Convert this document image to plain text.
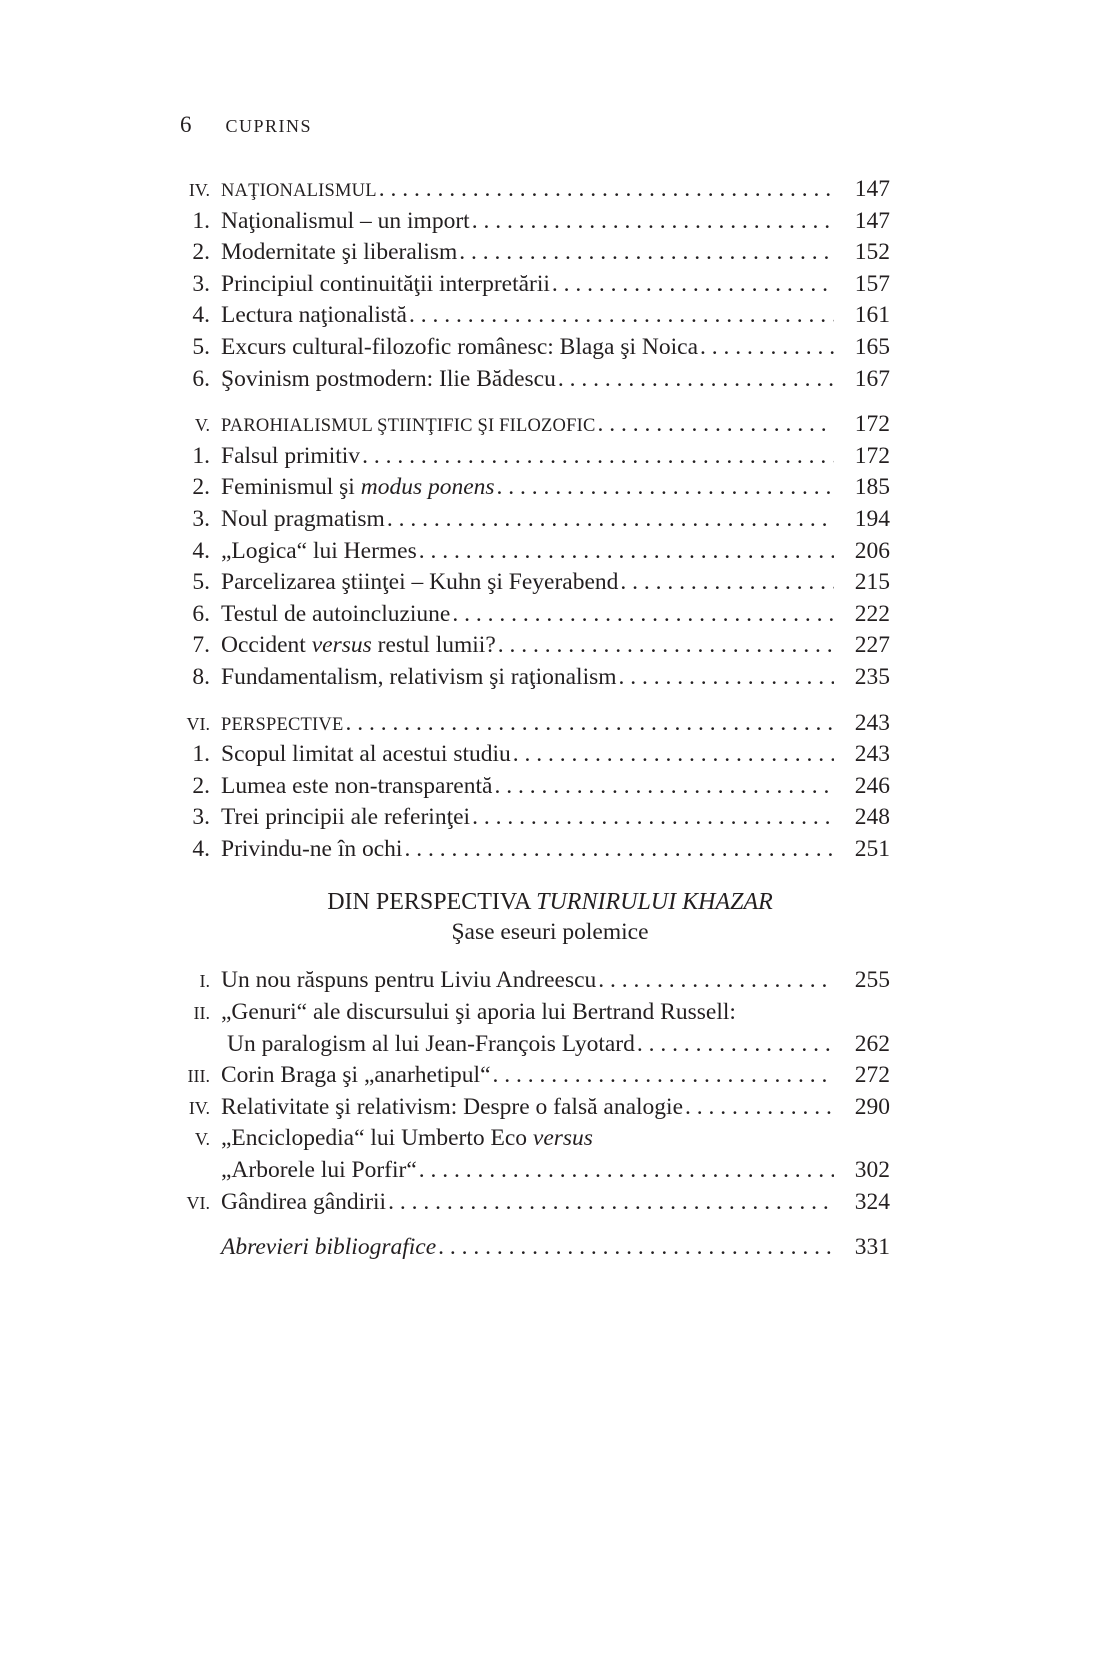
6 CUPRINS
IV. NAŢIONALISMUL . . .	147
1. Naţionalismul – un import . . .	147
2. Modernitate şi liberalism . . .	152
3. Principiul continuităţii interpretării . . .	157
4. Lectura naţionalistă . . .	161
5. Excurs cultural-filozofic românesc: Blaga şi Noica . . .	165
6. Şovinism postmodern: Ilie Bădescu . . .	167
V. PAROHIALISMUL ŞTIINŢIFIC ŞI FILOZOFIC . . .	172
1. Falsul primitiv . . .	172
2. Feminismul şi modus ponens . . .	185
3. Noul pragmatism . . .	194
4. „Logica“ lui Hermes . . .	206
5. Parcelizarea ştiinţei – Kuhn şi Feyerabend . . .	215
6. Testul de autoincluziune . . .	222
7. Occident versus restul lumii? . . .	227
8. Fundamentalism, relativism şi raţionalism . . .	235
VI. PERSPECTIVE . . .	243
1. Scopul limitat al acestui studiu . . .	243
2. Lumea este non-transparentă . . .	246
3. Trei principii ale referinţei . . .	248
4. Privindu-ne în ochi . . .	251
DIN PERSPECTIVA TURNIRULUI KHAZAR
Şase eseuri polemice
I. Un nou răspuns pentru Liviu Andreescu . . .	255
II. „Genuri“ ale discursului şi aporia lui Bertrand Russell:
Un paralogism al lui Jean-François Lyotard . . .	262
III. Corin Braga şi „anarhetipul“ . . .	272
IV. Relativitate şi relativism: Despre o falsă analogie . . .	290
V. „Enciclopedia“ lui Umberto Eco versus
„Arborele lui Porfir“ . . .	302
VI. Gândirea gândirii . . .	324

Abrevieri bibliografice . . .	331
